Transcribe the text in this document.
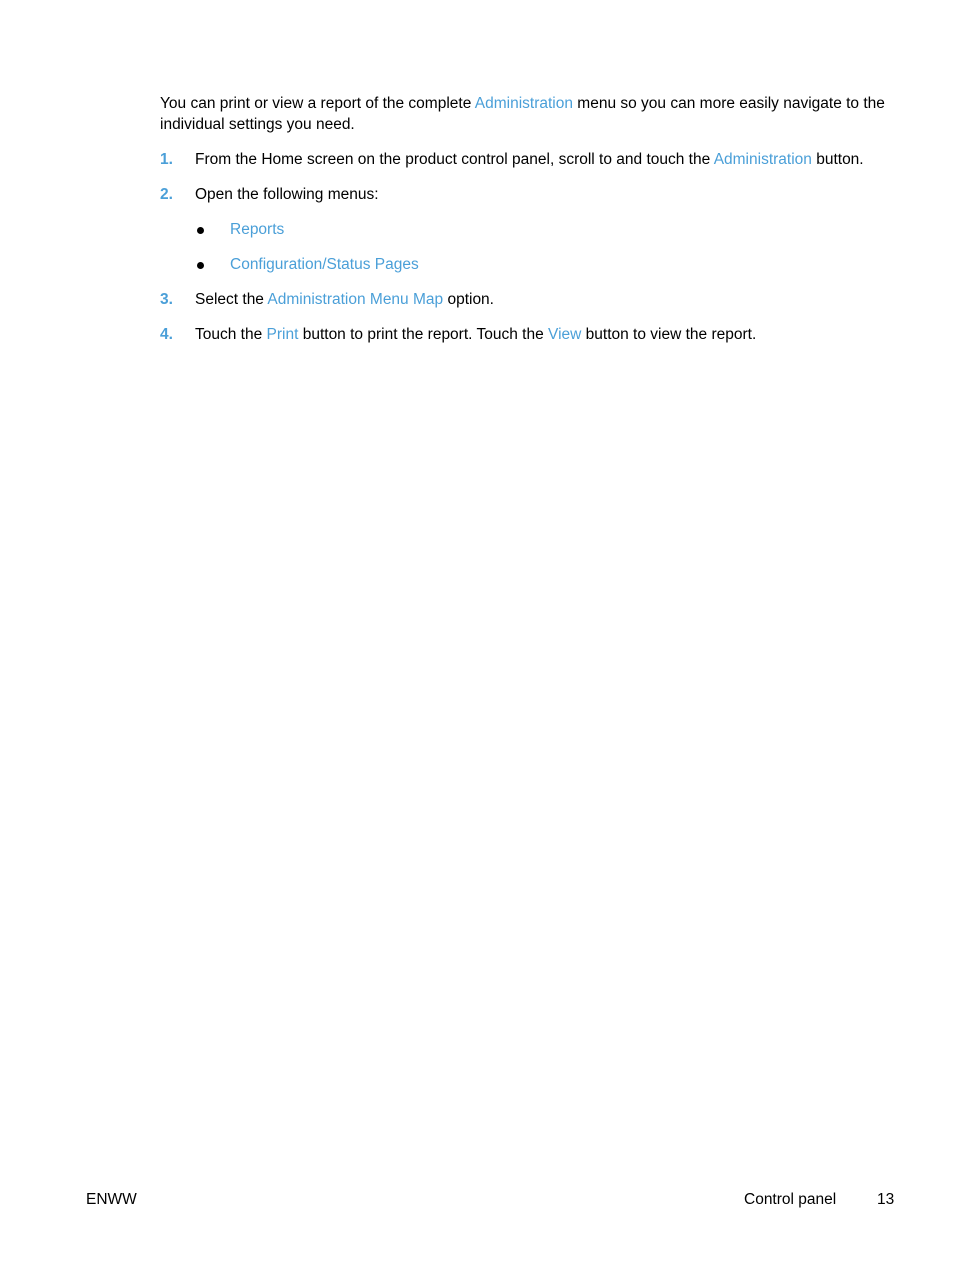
You can print or view a report of the complete Administration menu so you can more easily navigate to the individual settings you need.

1. From the Home screen on the product control panel, scroll to and touch the Administration button.
2. Open the following menus:
Reports
Configuration/Status Pages
3. Select the Administration Menu Map option.
4. Touch the Print button to print the report. Touch the View button to view the report.
ENWW	Control panel	13
